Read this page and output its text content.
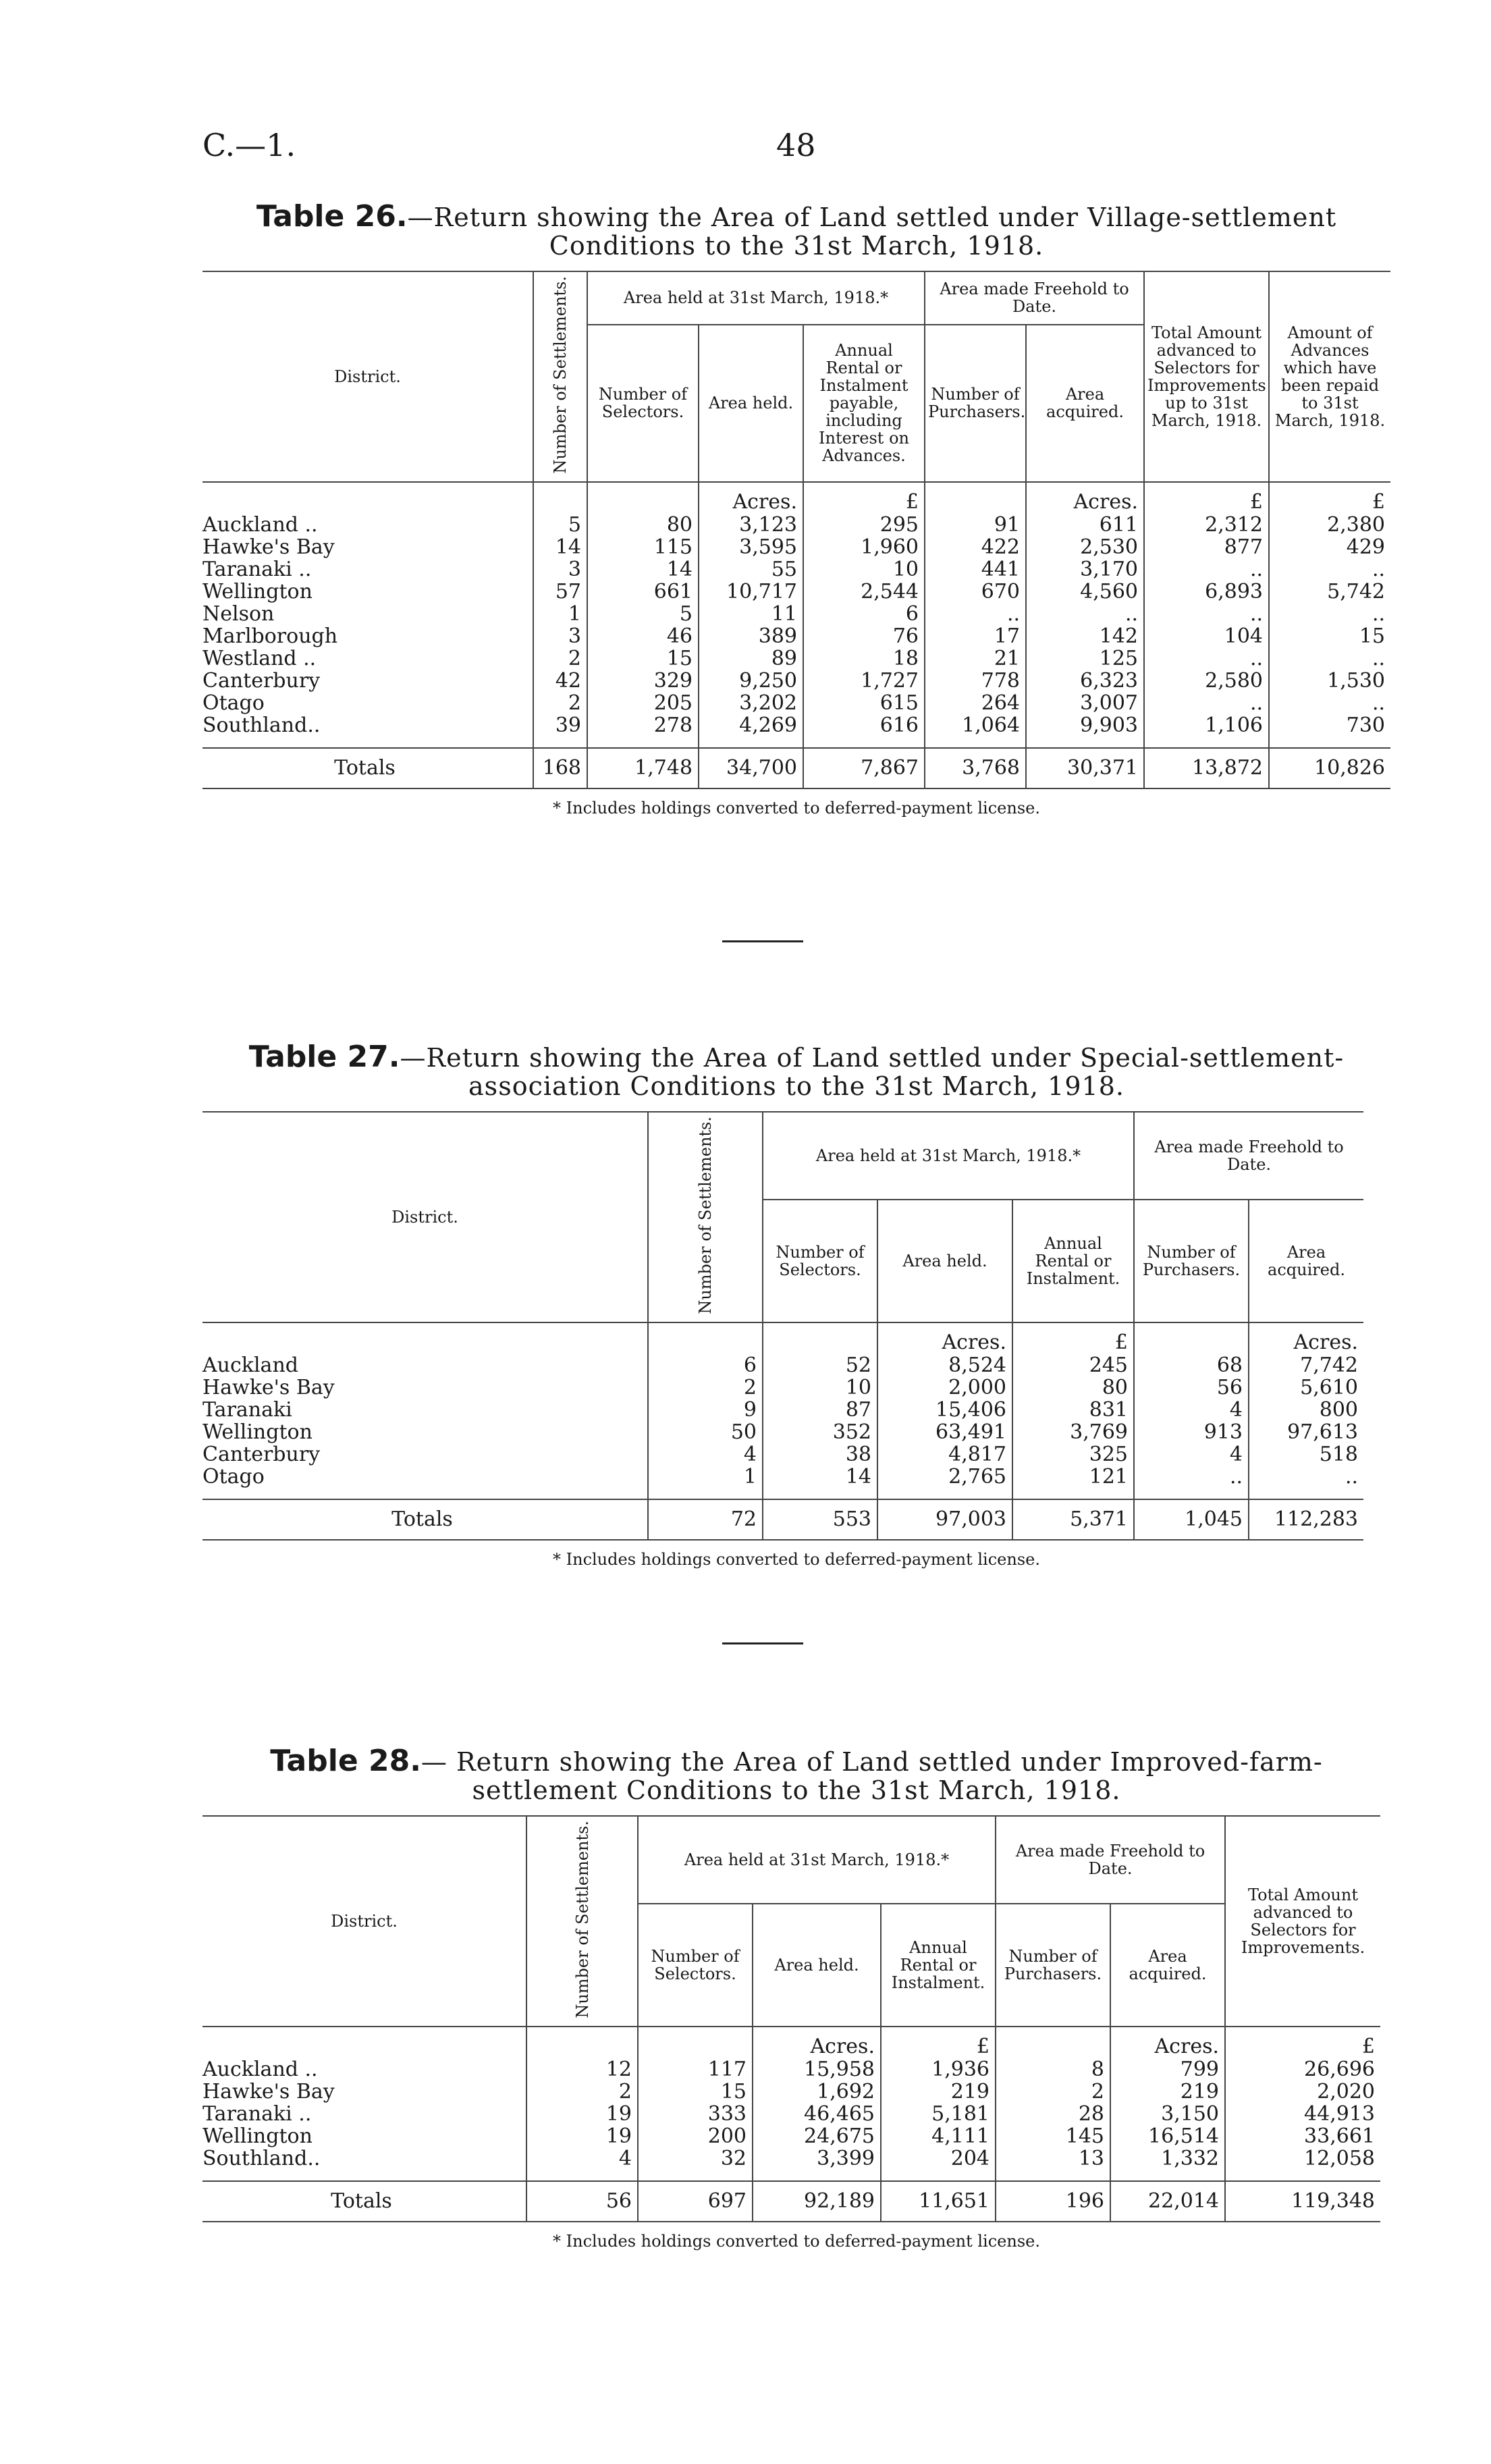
C.—1.	48
Table 26.—Return showing the Area of Land settled under Village-settlement
Conditions to the 31st March, 1918.
District.	Number of Settlements.	Area held at 31st March, 1918.*			Area made Freehold to Date.		Total Amount advanced to Selectors for Improvements up to 31st March, 1918.	Amount of Advances which have been repaid to 31st March, 1918.
		Number of Selectors.	Area held.	Annual Rental or Instalment payable, including Interest on Advances.	Number of Purchasers.	Area acquired.		
			Acres.	£		Acres.	£	£
Auckland ..	5	80	3,123	295	91	611	2,312	2,380
Hawke's Bay	14	115	3,595	1,960	422	2,530	877	429
Taranaki ..	3	14	55	10	441	3,170	..	..
Wellington	57	661	10,717	2,544	670	4,560	6,893	5,742
Nelson	1	5	11	6	..	..	..	..
Marlborough	3	46	389	76	17	142	104	15
Westland ..	2	15	89	18	21	125	..	..
Canterbury	42	329	9,250	1,727	778	6,323	2,580	1,530
Otago	2	205	3,202	615	264	3,007	..	..
Southland..	39	278	4,269	616	1,064	9,903	1,106	730

Totals	168	1,748	34,700	7,867	3,768	30,371	13,872	10,826
* Includes holdings converted to deferred-payment license.
Table 27.—Return showing the Area of Land settled under Special-settlement-
association Conditions to the 31st March, 1918.
District.	Number of Settlements.	Area held at 31st March, 1918.*			Area made Freehold to Date.	
		Number of Selectors.	Area held.	Annual Rental or Instalment.	Number of Purchasers.	Area acquired.
			Acres.	£		Acres.
Auckland	6	52	8,524	245	68	7,742
Hawke's Bay	2	10	2,000	80	56	5,610
Taranaki	9	87	15,406	831	4	800
Wellington	50	352	63,491	3,769	913	97,613
Canterbury	4	38	4,817	325	4	518
Otago	1	14	2,765	121	..	..

Totals	72	553	97,003	5,371	1,045	112,283
* Includes holdings converted to deferred-payment license.
Table 28.— Return showing the Area of Land settled under Improved-farm-
settlement Conditions to the 31st March, 1918.
District.	Number of Settlements.	Area held at 31st March, 1918.*			Area made Freehold to Date.		Total Amount advanced to Selectors for Improvements.
		Number of Selectors.	Area held.	Annual Rental or Instalment.	Number of Purchasers.	Area acquired.	
			Acres.	£		Acres.	£
Auckland ..	12	117	15,958	1,936	8	799	26,696
Hawke's Bay	2	15	1,692	219	2	219	2,020
Taranaki ..	19	333	46,465	5,181	28	3,150	44,913
Wellington	19	200	24,675	4,111	145	16,514	33,661
Southland..	4	32	3,399	204	13	1,332	12,058

Totals	56	697	92,189	11,651	196	22,014	119,348
* Includes holdings converted to deferred-payment license.
